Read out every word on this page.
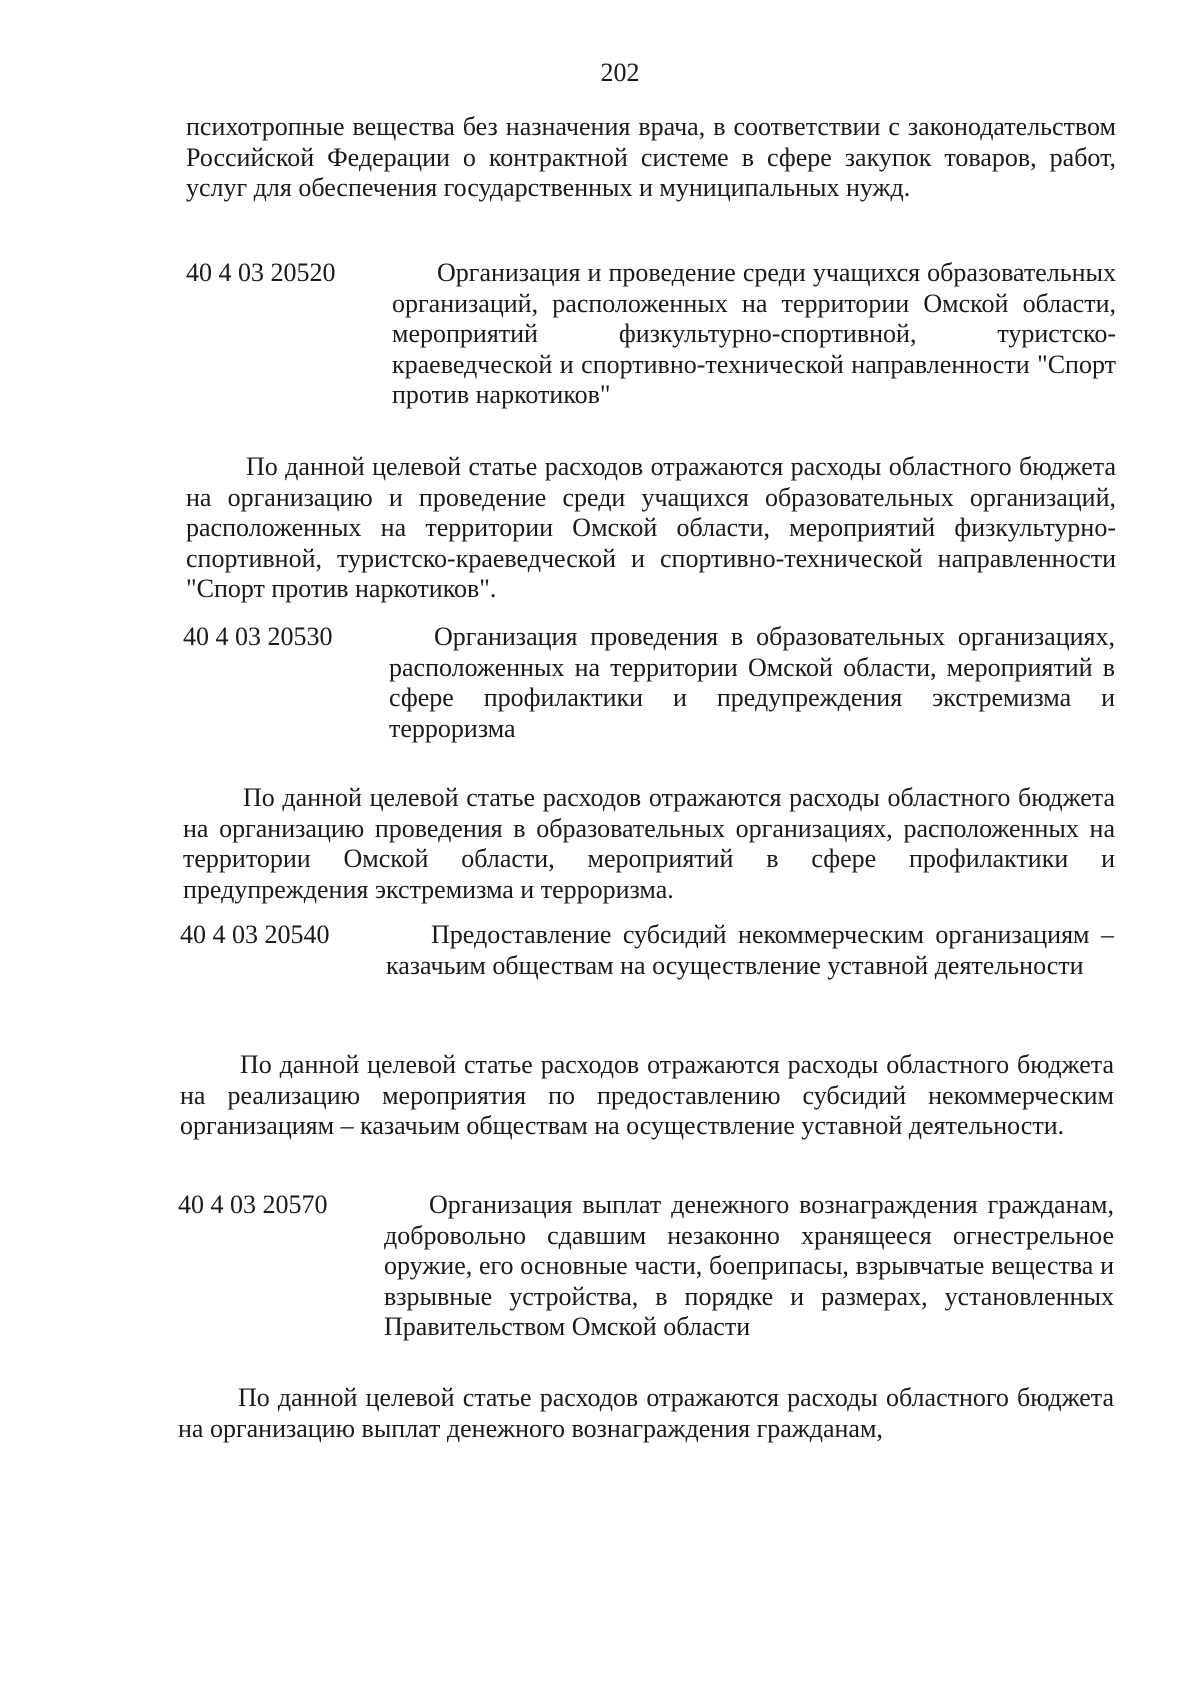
202
психотропные вещества без назначения врача, в соответствии с законодательством Российской Федерации о контрактной системе в сфере закупок товаров, работ, услуг для обеспечения государственных и муниципальных нужд.
40 4 03 20520	Организация и проведение среди учащихся образовательных организаций, расположенных на территории Омской области, мероприятий физкультурно-спортивной, туристско-краеведческой и спортивно-технической направленности "Спорт против наркотиков"
По данной целевой статье расходов отражаются расходы областного бюджета на организацию и проведение среди учащихся образовательных организаций, расположенных на территории Омской области, мероприятий физкультурно-спортивной, туристско-краеведческой и спортивно-технической направленности "Спорт против наркотиков".
40 4 03 20530	Организация проведения в образовательных организациях, расположенных на территории Омской области, мероприятий в сфере профилактики и предупреждения экстремизма и терроризма
По данной целевой статье расходов отражаются расходы областного бюджета на организацию проведения в образовательных организациях, расположенных на территории Омской области, мероприятий в сфере профилактики и предупреждения экстремизма и терроризма.
40 4 03 20540	Предоставление субсидий некоммерческим организациям – казачьим обществам на осуществление уставной деятельности
По данной целевой статье расходов отражаются расходы областного бюджета на реализацию мероприятия по предоставлению субсидий некоммерческим организациям – казачьим обществам на осуществление уставной деятельности.
40 4 03 20570	Организация выплат денежного вознаграждения гражданам, добровольно сдавшим незаконно хранящееся огнестрельное оружие, его основные части, боеприпасы, взрывчатые вещества и взрывные устройства, в порядке и размерах, установленных Правительством Омской области
По данной целевой статье расходов отражаются расходы областного бюджета на организацию выплат денежного вознаграждения гражданам,
